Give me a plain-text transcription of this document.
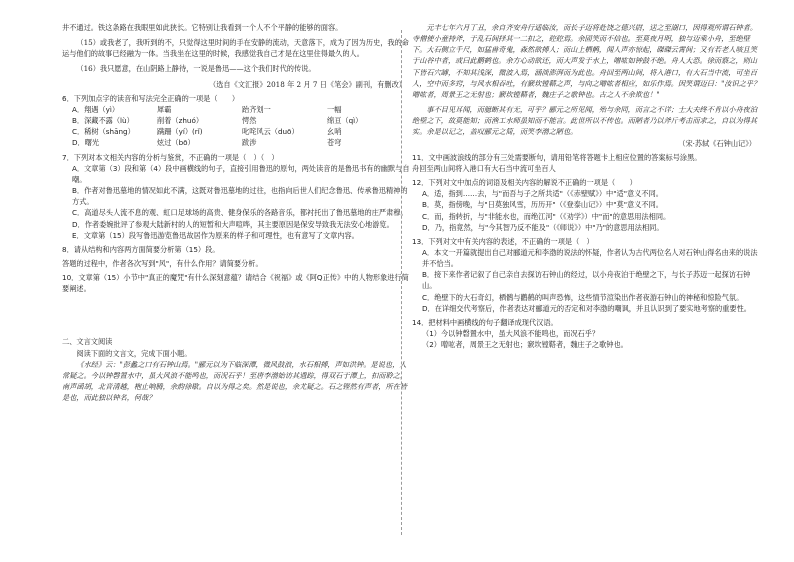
井不通过。铁这条路在我眼里如此狭长。它特别让我看到一个人不个平静的能够的面容。

（15）或我老了，我听到的不，只觉得这里时间的手在安静的流动，天意落下，成为了因为历史，我的命运与他们的故事已经融为一体。当我坐在这里的时候，我感觉我自己才是在这里住得最久的人。

（16）我只愿意，在山阴路上静待，一说是鲁迅——这个我们时代的传说。

（选自《文汇报》2018 年 2 月 7 日《笔会》副刊，有删改）

6．下列加点字的读音和写法完全正确的一项是（　　）

A．翔遇（yì）	犀霸	跆齐划一	一幅
B．深藏不露（lù）	削着（zhuó）	愕然	绵亘（qì）
C．稀树（shāng）	蹒跚（yí）(rǐ)	叱咤风云（duō）	幺哨
D．曙光	炫过（bō）	跋涉	苍穹

7．下列对本文相关内容的分析与鉴赏，不正确的一项是（　）（　）

A．文章第（3）段和第（4）段中画横线的句子，直接引用鲁迅的原句，两处读音的是鲁迅书有的幽默与自嘲。

B．作者对鲁迅墓地的情况如此不满，这既对鲁迅墓地的过往，也指向后世人们纪念鲁迅、传承鲁迅精神的方式。

C．高道尽头人流不息的观、虹口足球场的高贵、健身保乐的各路音乐，都衬托出了鲁迅墓地的庄严肃穆。

D．作者委婉批评了参观大陆新村的人的短暂和大声喧哗，其主要原因是保安导致我无法安心地游览。

E．文章第（15）段写鲁迅游览鲁迅故居作为原来的样子和可理性，也有意写了文章内容。

8．请从结构和内容两方面简要分析第（15）段。

答题的过程中，作者各次写到"风"，有什么作用？请简要分析。

10．文章第（15）小节中"真正的魔咒"有什么深刻意蕴？请结合《祝福》或《阿Q正传》中的人物形象进行简要阐述。

二、文言文阅读

阅读下面的文言文，完成下面小题。

《水经》云："彭蠡之口有石钟山焉。"郦元以为下临深潭，微风鼓浪，水石相搏，声如洪钟。是说也，人常疑之。今以钟磬置水中，虽大风浪不能鸣也，而况石乎！至唐李渤始访其遗踪，得双石于潭上，扣而聆之，南声函胡，北音清越，枹止响腾，余韵徐歇。自以为得之矣。然是说也，余尤疑之。石之铿然有声者，所在皆是也，而此独以钟名，何哉？

元丰七年六月丁丑，余自齐安舟行适临汝，而长子迈将赴饶之德兴尉，送之至湖口，因得观所谓石钟者。寺僧使小童持斧，于乱石间择其一二扣之，硿硿焉。余固笑而不信也。至莫夜月明，独与迈乘小舟，至绝壁下。大石侧立千尺，如猛兽奇鬼，森然欲搏人；而山上栖鹘，闻人声亦惊起，磔磔云霄间；又有若老人咳且笑于山谷中者，或曰此鹳鹤也。余方心动欲还，而大声发于水上，噌吰如钟鼓不绝。舟人大恐。徐而察之，则山下皆石穴罅，不知其浅深，微波入焉，涵淡澎湃而为此也。舟回至两山间，将入港口，有大石当中流，可坐百人，空中而多窍，与风水相吞吐，有窾坎镗鞳之声，与向之噌吰者相应，如乐作焉。因笑谓迈曰："汝识之乎？噌吰者，周景王之无射也；窾坎镗鞳者，魏庄子之歌钟也。古之人不余欺也！"

事不目见耳闻，而臆断其有无，可乎？郦元之所见闻，殆与余同，而言之不详；士大夫终不肯以小舟夜泊绝壁之下，故莫能知；而渔工水师虽知而不能言。此世所以不传也。而陋者乃以斧斤考击而求之，自以为得其实。余是以记之，盖叹郦元之简，而笑李渤之陋也。

（宋·苏轼《石钟山记》）

11．文中画波浪线的部分有三处需要断句，请用铅笔将答题卡上相应位置的答案标号涂黑。

舟回至两山间将入港口有大石当中流可坐百人

12．下列对文中加点的词语及相关内容的解说不正确的一项是（　　）

A．适，指到……去，与"而吾与子之所共适"（《赤壁赋》）中"适"意义不同。

B．莫，指傍晚，与"日莫独风雪，历历开"（《登泰山记》）中"莫"意义不同。

C．而，指转折，与"非能水也，而绝江河"（《劝学》）中"而"的意思用法相同。

D．乃，指竟然，与"今其智乃反不能及"（《师说》）中"乃"的意思用法相同。

13．下列对文中有关内容的表述，不正确的一项是（　）

A．本文一开篇就提出自己对郦道元和李渤的说法的怀疑，作者认为古代两位名人对石钟山得名由来的说法并不恰当。

B．接下来作者记叙了自己亲自去探访石钟山的经过，以小舟夜泊于绝壁之下，与长子苏迈一起探访石钟山。

C．绝壁下的大石奇幻，栖鹘与鹳鹤的叫声恐怖，这些情节渲染出作者夜游石钟山的神秘和惊险气氛。

D．在详细交代考察后，作者表达对郦道元的否定和对李渤的嘲讽，并且认识到了要实地考察的重要性。

14．把材料中画横线的句子翻译成现代汉语。

（1）今以钟磬置水中，虽大风浪不能鸣也，而况石乎？

（2）噌吰者，周景王之无射也；窾坎镗鞳者，魏庄子之歌钟也。
